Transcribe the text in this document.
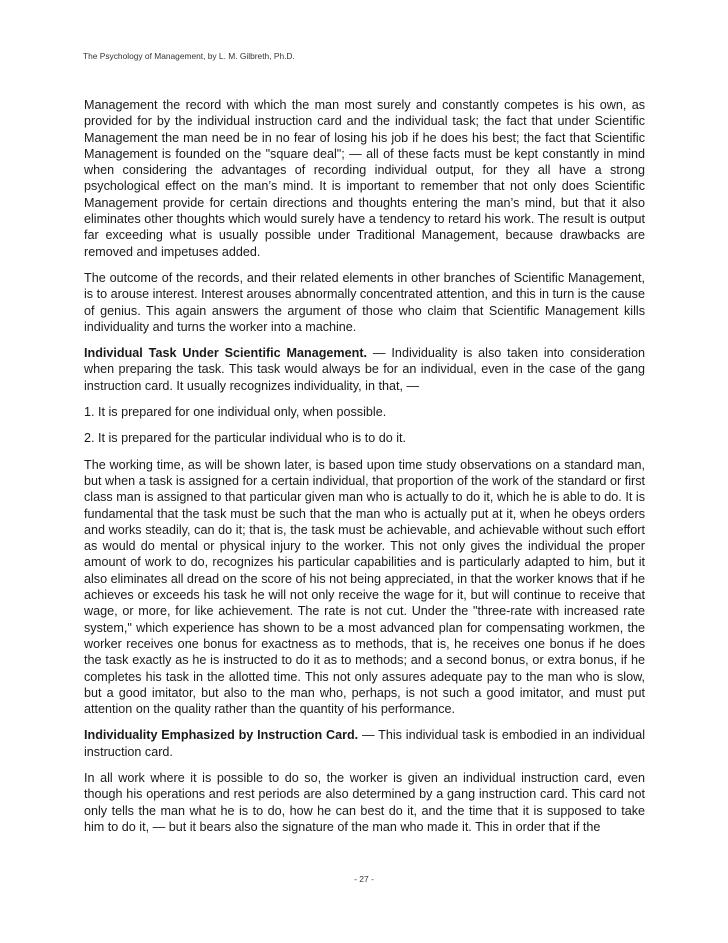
The Psychology of Management, by L. M. Gilbreth, Ph.D.

Management the record with which the man most surely and constantly competes is his own, as provided for by the individual instruction card and the individual task; the fact that under Scientific Management the man need be in no fear of losing his job if he does his best; the fact that Scientific Management is founded on the "square deal"; — all of these facts must be kept constantly in mind when considering the advantages of recording individual output, for they all have a strong psychological effect on the man’s mind. It is important to remember that not only does Scientific Management provide for certain directions and thoughts entering the man’s mind, but that it also eliminates other thoughts which would surely have a tendency to retard his work. The result is output far exceeding what is usually possible under Traditional Management, because drawbacks are removed and impetuses added.

The outcome of the records, and their related elements in other branches of Scientific Management, is to arouse interest. Interest arouses abnormally concentrated attention, and this in turn is the cause of genius. This again answers the argument of those who claim that Scientific Management kills individuality and turns the worker into a machine.

Individual Task Under Scientific Management. — Individuality is also taken into consideration when preparing the task. This task would always be for an individual, even in the case of the gang instruction card. It usually recognizes individuality, in that, —

1. It is prepared for one individual only, when possible.

2. It is prepared for the particular individual who is to do it.

The working time, as will be shown later, is based upon time study observations on a standard man, but when a task is assigned for a certain individual, that proportion of the work of the standard or first class man is assigned to that particular given man who is actually to do it, which he is able to do. It is fundamental that the task must be such that the man who is actually put at it, when he obeys orders and works steadily, can do it; that is, the task must be achievable, and achievable without such effort as would do mental or physical injury to the worker. This not only gives the individual the proper amount of work to do, recognizes his particular capabilities and is particularly adapted to him, but it also eliminates all dread on the score of his not being appreciated, in that the worker knows that if he achieves or exceeds his task he will not only receive the wage for it, but will continue to receive that wage, or more, for like achievement. The rate is not cut. Under the "three-rate with increased rate system," which experience has shown to be a most advanced plan for compensating workmen, the worker receives one bonus for exactness as to methods, that is, he receives one bonus if he does the task exactly as he is instructed to do it as to methods; and a second bonus, or extra bonus, if he completes his task in the allotted time. This not only assures adequate pay to the man who is slow, but a good imitator, but also to the man who, perhaps, is not such a good imitator, and must put attention on the quality rather than the quantity of his performance.

Individuality Emphasized by Instruction Card. — This individual task is embodied in an individual instruction card.

In all work where it is possible to do so, the worker is given an individual instruction card, even though his operations and rest periods are also determined by a gang instruction card. This card not only tells the man what he is to do, how he can best do it, and the time that it is supposed to take him to do it, — but it bears also the signature of the man who made it. This in order that if the

- 27 -
